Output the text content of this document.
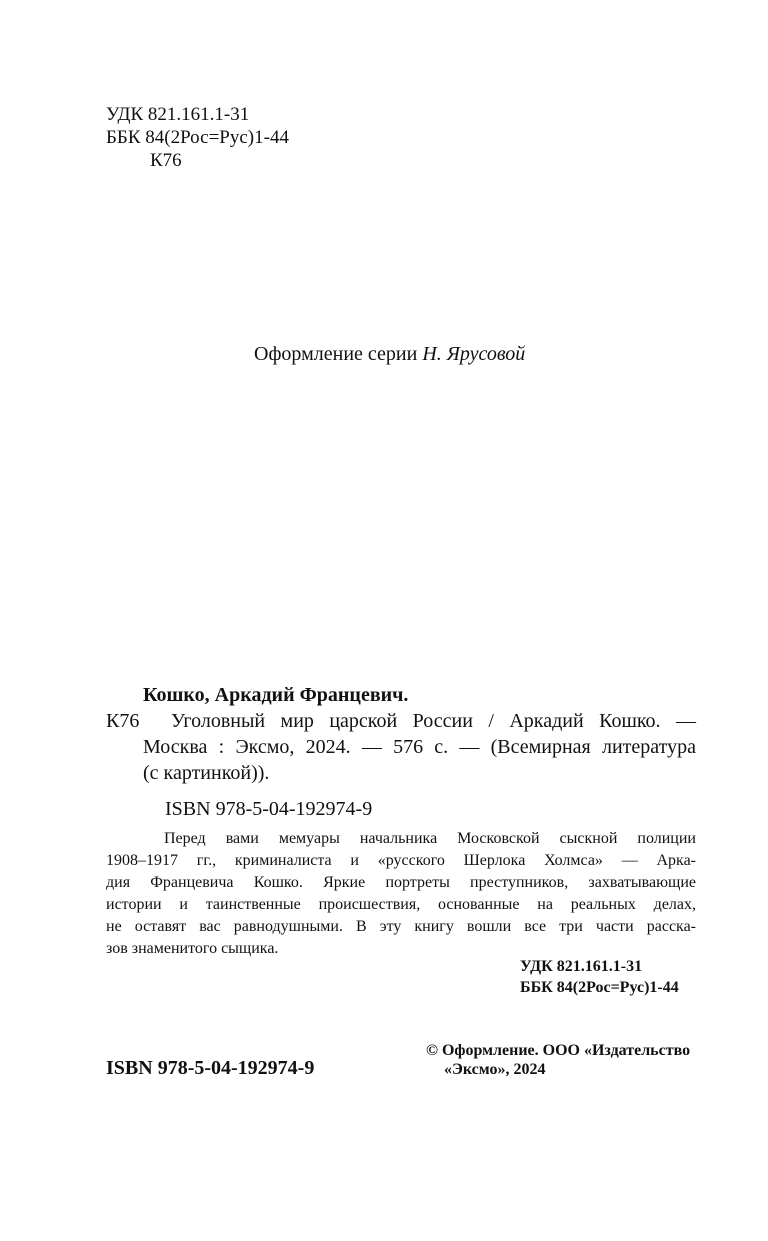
УДК 821.161.1-31
ББК 84(2Рос=Рус)1-44
К76
Оформление серии Н. Ярусовой
Кошко, Аркадий Францевич.
К76 Уголовный мир царской России / Аркадий Кошко. —
Москва : Эксмо, 2024. — 576 с. — (Всемирная литература
(с картинкой)).
ISBN 978-5-04-192974-9
Перед вами мемуары начальника Московской сыскной полиции
1908–1917 гг., криминалиста и «русского Шерлока Холмса» — Арка-
дия Францевича Кошко. Яркие портреты преступников, захватывающие
истории и таинственные происшествия, основанные на реальных делах,
не оставят вас равнодушными. В эту книгу вошли все три части расска-
зов знаменитого сыщика.
УДК 821.161.1-31
ББК 84(2Рос=Рус)1-44
ISBN 978-5-04-192974-9
© Оформление. ООО «Издательство
«Эксмо», 2024
